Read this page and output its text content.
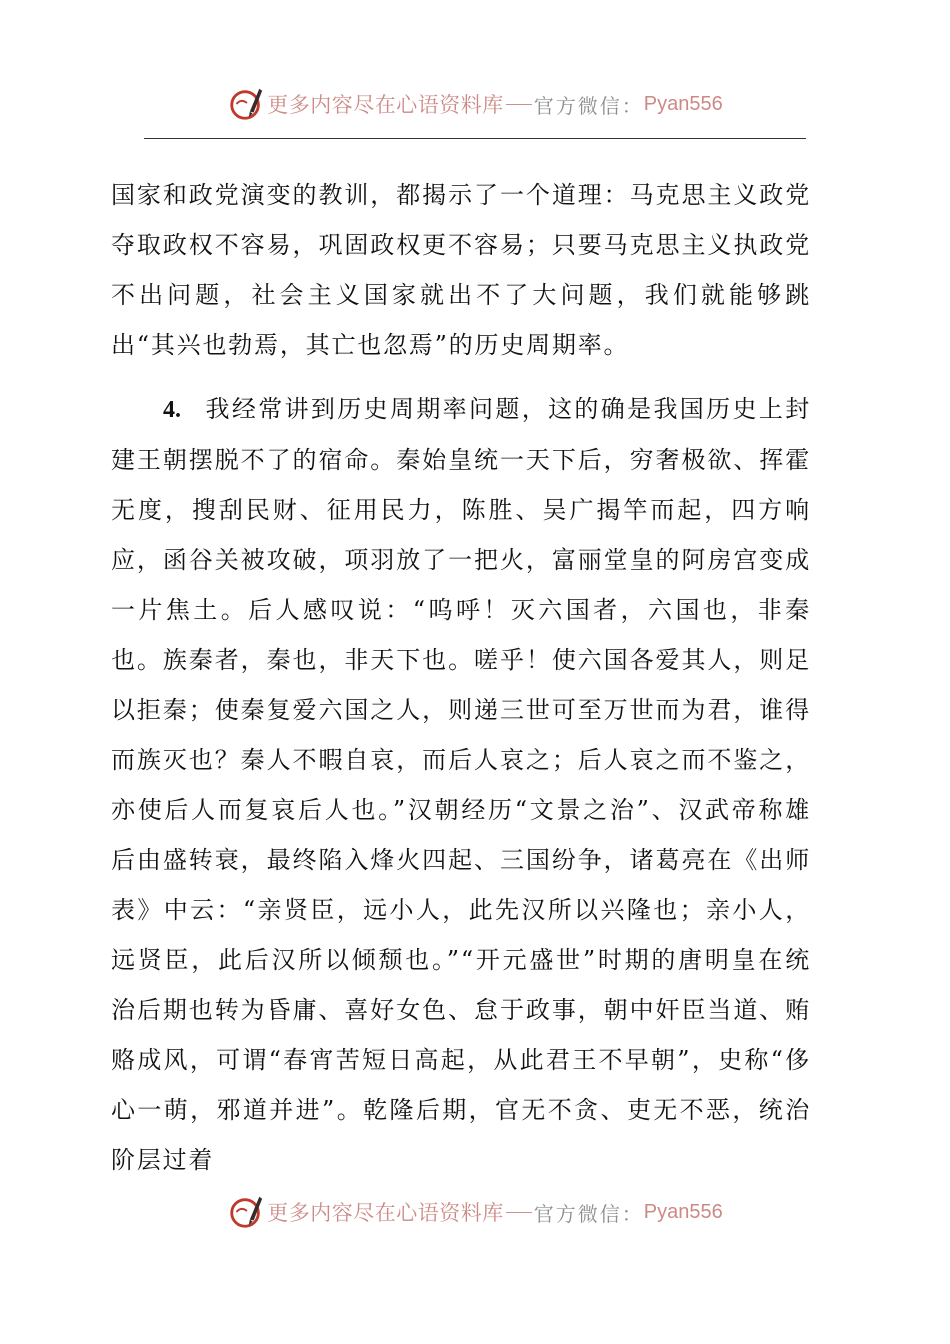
更多内容尽在心语资料库 官方微信： Pyan556

国家和政党演变的教训，都揭示了一个道理：马克思主义政党夺取政权不容易，巩固政权更不容易；只要马克思主义执政党不出问题，社会主义国家就出不了大问题，我们就能够跳出“其兴也勃焉，其亡也忽焉”的历史周期率。

4. 我经常讲到历史周期率问题，这的确是我国历史上封建王朝摆脱不了的宿命。秦始皇统一天下后，穷奢极欲、挥霍无度，搜刮民财、征用民力，陈胜、吴广揭竿而起，四方响应，函谷关被攻破，项羽放了一把火，富丽堂皇的阿房宫变成一片焦土。后人感叹说：“呜呼！灭六国者，六国也，非秦也。族秦者，秦也，非天下也。嗟乎！使六国各爱其人，则足以拒秦；使秦复爱六国之人，则递三世可至万世而为君，谁得而族灭也？秦人不暇自哀，而后人哀之；后人哀之而不鉴之，亦使后人而复哀后人也。”汉朝经历“文景之治”、汉武帝称雄后由盛转衰，最终陷入烽火四起、三国纷争，诸葛亮在《出师表》中云：“亲贤臣，远小人，此先汉所以兴隆也；亲小人，远贤臣，此后汉所以倾颓也。”“开元盛世”时期的唐明皇在统治后期也转为昏庸、喜好女色、怠于政事，朝中奸臣当道、贿赂成风，可谓“春宵苦短日高起，从此君王不早朝”，史称“侈心一萌，邪道并进”。乾隆后期，官无不贪、吏无不恶，统治阶层过着

更多内容尽在心语资料库 官方微信： Pyan556
